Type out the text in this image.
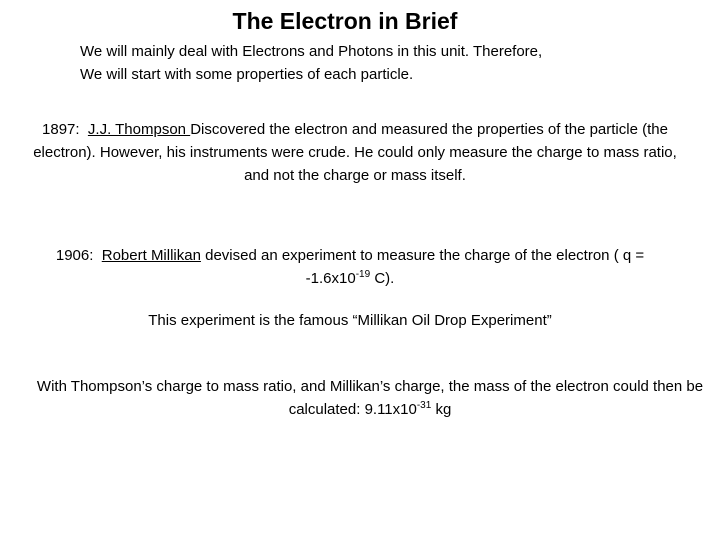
The Electron in Brief
We will mainly deal with Electrons and Photons in this unit. Therefore,
We will start with some properties of each particle.
1897: J.J. Thompson Discovered the electron and measured the properties of the particle (the electron). However, his instruments were crude. He could only measure the charge to mass ratio, and not the charge or mass itself.
1906: Robert Millikan devised an experiment to measure the charge of the electron ( $q = -1.6x10^{-19}$ C).
This experiment is the famous “Millikan Oil Drop Experiment”
With Thompson’s charge to mass ratio, and Millikan’s charge, the mass of the electron could then be calculated: $9.11x10^{-31}$ kg
